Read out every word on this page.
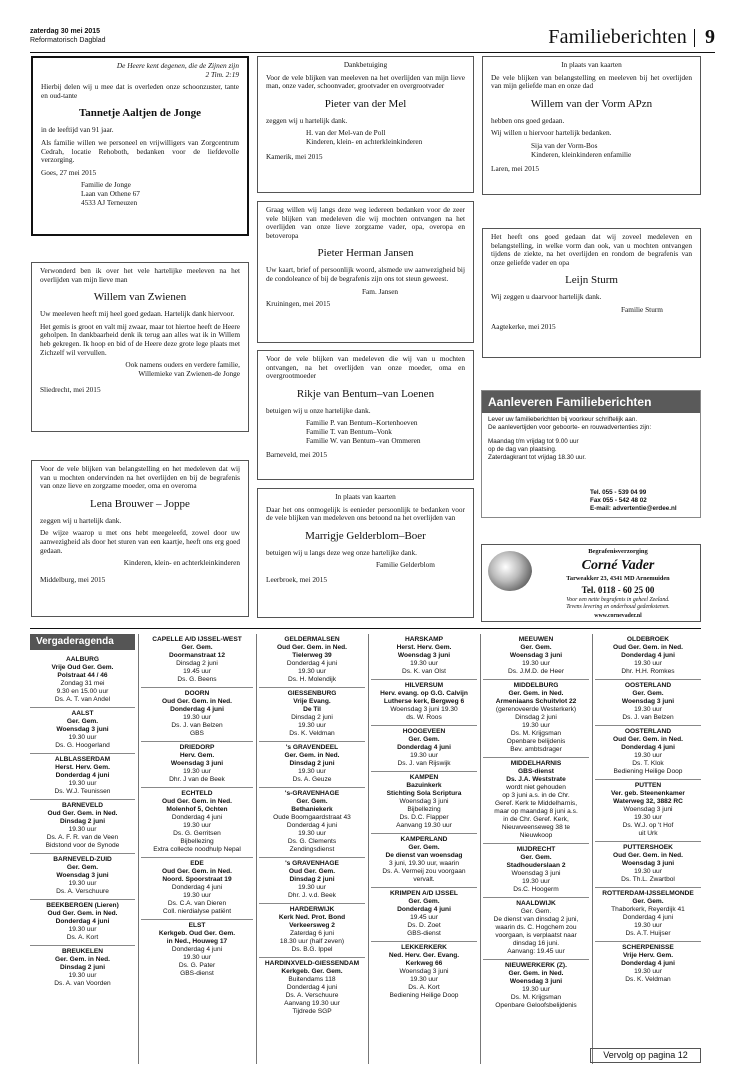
zaterdag 30 mei 2015
Reformatorisch Dagblad	Familieberichten 9

De Heere kent degenen, die de Zijnen zijn

2 Tim. 2:19

Hierbij delen wij u mee dat is overleden onze schoonzuster, tante en oud-tante

Tannetje Aaltjen de Jonge

in de leeftijd van 91 jaar.

Als familie willen we personeel en vrijwilligers van Zorgcentrum Cedrah, locatie Rehoboth, bedanken voor de liefdevolle verzorging.

Goes, 27 mei 2015

Familie de Jonge
Laan van Othene 67
4533 AJ Terneuzen

Dankbetuiging

Voor de vele blijken van meeleven na het overlijden van mijn lieve man, onze vader, schoonvader, grootvader en overgrootvader

Pieter van der Mel

zeggen wij u hartelijk dank.

H. van der Mel-van de Poll
Kinderen, klein- en achterkleinkinderen

Kamerik, mei 2015

In plaats van kaarten

De vele blijken van belangstelling en meeleven bij het overlijden van mijn geliefde man en onze dad

Willem van der Vorm APzn

hebben ons goed gedaan.

Wij willen u hiervoor hartelijk bedanken.

Sija van der Vorm-Bos
Kinderen, kleinkinderen enfamilie

Laren, mei 2015

Graag willen wij langs deze weg iedereen bedanken voor de zeer vele blijken van medeleven die wij mochten ontvangen na het overlijden van onze lieve zorgzame vader, opa, overopa en betoveropa

Pieter Herman Jansen

Uw kaart, brief of persoonlijk woord, alsmede uw aanwezigheid bij de condoleance of bij de begrafenis zijn ons tot steun geweest.

Fam. Jansen

Kruiningen, mei 2015

Het heeft ons goed gedaan dat wij zoveel medeleven en belangstelling, in welke vorm dan ook, van u mochten ontvangen tijdens de ziekte, na het overlijden en rondom de begrafenis van onze geliefde vader en opa

Leijn Sturm

Wij zeggen u daarvoor hartelijk dank.

Familie Sturm

Aagtekerke, mei 2015

Verwonderd ben ik over het vele hartelijke meeleven na het overlijden van mijn lieve man

Willem van Zwienen

Uw meeleven heeft mij heel goed gedaan. Hartelijk dank hiervoor.

Het gemis is groot en valt mij zwaar, maar tot hiertoe heeft de Heere geholpen. In dankbaarheid denk ik terug aan alles wat ik in Willem heb gekregen. Ik hoop en bid of de Heere deze grote lege plaats met Zichzelf wil vervullen.

Ook namens ouders en verdere familie,
Willemieke van Zwienen-de Jonge

Sliedrecht, mei 2015

Voor de vele blijken van medeleven die wij van u mochten ontvangen, na het overlijden van onze moeder, oma en overgrootmoeder

Rikje van Bentum–van Loenen

betuigen wij u onze hartelijke dank.

Familie P. van Bentum–Kortenhoeven
Familie T. van Bentum–Vonk
Familie W. van Bentum–van Ommeren

Barneveld, mei 2015

Aanleveren Familieberichten
Lever uw familieberichten bij voorkeur schriftelijk aan.
De aanlevertijden voor geboorte- en rouwadvertenties zijn:
Maandag t/m vrijdag tot 9.00 uur
op de dag van plaatsing.
Zaterdagkrant tot vrijdag 18.30 uur.
Tel. 055 - 539 04 99
Fax 055 - 542 48 02
E-mail: advertentie@erdee.nl

Voor de vele blijken van belangstelling en het medeleven dat wij van u mochten ondervinden na het overlijden en bij de begrafenis van onze lieve en zorgzame moeder, oma en overoma

Lena Brouwer – Joppe

zeggen wij u hartelijk dank.

De wijze waarop u met ons hebt meegeleefd, zowel door uw aanwezigheid als door het sturen van een kaartje, heeft ons erg goed gedaan.

Kinderen, klein- en achterkleinkinderen

Middelburg, mei 2015

In plaats van kaarten

Daar het ons onmogelijk is eenieder persoonlijk te bedanken voor de vele blijken van medeleven ons betoond na het overlijden van

Marrigje Gelderblom–Boer

betuigen wij u langs deze weg onze hartelijke dank.

Familie Gelderblom

Leerbroek, mei 2015

Begrafenisverzorging
Corné Vader
Tarweakker 23, 4341 MD Arnemuiden
Tel. 0118 - 60 25 00
Voor een nette begrafenis in geheel Zeeland.
Tevens levering en onderhoud gedenkstenen.
www.cornevader.nl
Vergaderagenda
AALBURG
Vrije Oud Ger. Gem.
Polstraat 44 / 46
Zondag 31 mei
9.30 en 15.00 uur
Ds. A. T. van Andel
AALST
Ger. Gem.
Woensdag 3 juni
19.30 uur
Ds. G. Hoogerland
ALBLASSERDAM
Herst. Herv. Gem.
Donderdag 4 juni
19.30 uur
Ds. W.J. Teunissen
BARNEVELD
Oud Ger. Gem. in Ned.
Dinsdag 2 juni
19.30 uur
Ds. A. F. R. van de Veen
Bidstond voor de Synode
BARNEVELD-ZUID
Ger. Gem.
Woensdag 3 juni
19.30 uur
Ds. A. Verschuure
BEEKBERGEN (Lieren)
Oud Ger. Gem. in Ned.
Donderdag 4 juni
19.30 uur
Ds. A. Kort
BREUKELEN
Ger. Gem. in Ned.
Dinsdag 2 juni
19.30 uur
Ds. A. van Voorden
CAPELLE A/D IJSSEL-WEST
Ger. Gem.
Doormanstraat 12
Dinsdag 2 juni
19.45 uur
Ds. G. Beens
DOORN
Oud Ger. Gem. in Ned.
Donderdag 4 juni
19.30 uur
Ds. J. van Belzen
GBS
DRIEDORP
Herv. Gem.
Woensdag 3 juni
19.30 uur
Dhr. J van de Beek
ECHTELD
Oud Ger. Gem. in Ned.
Molenhof 5, Ochten
Donderdag 4 juni
19.30 uur
Ds. G. Gerritsen
Bijbellezing
Extra collecte noodhulp Nepal
EDE
Oud Ger. Gem. in Ned.
Noord. Spoorstraat 19
Donderdag 4 juni
19.30 uur
Ds. C.A. van Dieren
Coll. nierdialyse patiënt
ELST
Kerkgeb. Oud Ger. Gem.
in Ned., Houweg 17
Donderdag 4 juni
19.30 uur
Ds. G. Pater
GBS-dienst
GELDERMALSEN
Oud Ger. Gem. in Ned.
Tielerweg 39
Donderdag 4 juni
19.30 uur
Ds. H. Molendijk
GIESSENBURG
Vrije Evang.
De Til
Dinsdag 2 juni
19.30 uur
Ds. K. Veldman
's GRAVENDEEL
Ger. Gem. in Ned.
Dinsdag 2 juni
19.30 uur
Ds. A. Geuze
's-GRAVENHAGE
Ger. Gem.
Bethaniekerk
Oude Boomgaardstraat 43
Donderdag 4 juni
19.30 uur
Ds. G. Clements
Zendingsdienst
's GRAVENHAGE
Oud Ger. Gem.
Dinsdag 2 juni
19.30 uur
Dhr. J. v.d. Beek
HARDERWIJK
Kerk Ned. Prot. Bond
Verkeersweg 2
Zaterdag 6 juni
18.30 uur (half zeven)
Ds. B.G. Ippel
HARDINXVELD-GIESSENDAM
Kerkgeb. Ger. Gem.
Buitendams 118
Donderdag 4 juni
Ds. A. Verschuure
Aanvang 19.30 uur
Tijdrede SGP
HARSKAMP
Herst. Herv. Gem.
Woensdag 3 juni
19.30 uur
Ds. K. van Olst
HILVERSUM
Herv. evang. op G.G. Calvijn
Lutherse kerk, Bergweg 6
Woensdag 3 juni 19.30
ds. W. Roos
HOOGEVEEN
Ger. Gem.
Donderdag 4 juni
19.30 uur
Ds. J. van Rijswijk
KAMPEN
Bazuinkerk
Stichting Sola Scriptura
Woensdag 3 juni
Bijbellezing
Ds. D.C. Flapper
Aanvang 19.30 uur
KAMPERLAND
Ger. Gem.
De dienst van woensdag
3 juni, 19.30 uur, waarin
Ds. A. Vermeij zou voorgaan
vervalt.
KRIMPEN A/D IJSSEL
Ger. Gem.
Donderdag 4 juni
19.45 uur
Ds. D. Zoet
GBS-dienst
LEKKERKERK
Ned. Herv. Ger. Evang.
Kerkweg 66
Woensdag 3 juni
19.30 uur
Ds. A. Kort
Bediening Heilige Doop
MEEUWEN
Ger. Gem.
Woensdag 3 juni
19.30 uur
Ds. J.M.D. de Heer
MIDDELBURG
Ger. Gem. in Ned.
Armeniaans Schuitvlot 22
(gerenoveerde Westerkerk)
Dinsdag 2 juni
19.30 uur
Ds. M. Krijgsman
Openbare belijdenis
Bev. ambtsdrager
MIDDELHARNIS
GBS-dienst
Ds. J.A. Weststrate
wordt niet gehouden
op 3 juni a.s. in de Chr.
Geref. Kerk te Middelharnis,
maar op maandag 8 juni a.s.
in de Chr. Geref. Kerk,
Nieuwveenseweg 38 te
Nieuwkoop
MIJDRECHT
Ger. Gem.
Stadhouderslaan 2
Woensdag 3 juni
19.30 uur
Ds.C. Hoogerm
NAALDWIJK
Ger. Gem.
De dienst van dinsdag 2 juni,
waarin ds. C. Hogchem zou
voorgaan, is verplaatst naar
dinsdag 16 juni.
Aanvang: 19.45 uur
NIEUWERKERK (Z).
Ger. Gem. in Ned.
Woensdag 3 juni
19.30 uur
Ds. M. Krijgsman
Openbare Geloofsbelijdenis
OLDEBROEK
Oud Ger. Gem. in Ned.
Donderdag 4 juni
19.30 uur
Dhr. H.H. Romkes
OOSTERLAND
Ger. Gem.
Woensdag 3 juni
19.30 uur
Ds. J. van Belzen
OOSTERLAND
Oud Ger. Gem. in Ned.
Donderdag 4 juni
19.30 uur
Ds. T. Klok
Bediening Heilige Doop
PUTTEN
Ver. geb. Steenenkamer
Waterweg 32, 3882 RC
Woensdag 3 juni
19.30 uur
Ds. W.J. op 't Hof
uit Urk
PUTTERSHOEK
Oud Ger. Gem. in Ned.
Woensdag 3 juni
19.30 uur
Ds. Th.L. Zwartbol
ROTTERDAM-IJSSELMONDE
Ger. Gem.
Thaborkerk, Reyerdijk 41
Donderdag 4 juni
19.30 uur
Ds. A.T. Huijser
SCHERPENISSE
Vrije Herv. Gem.
Donderdag 4 juni
19.30 uur
Ds. K. Veldman
Vervolg op pagina 12
